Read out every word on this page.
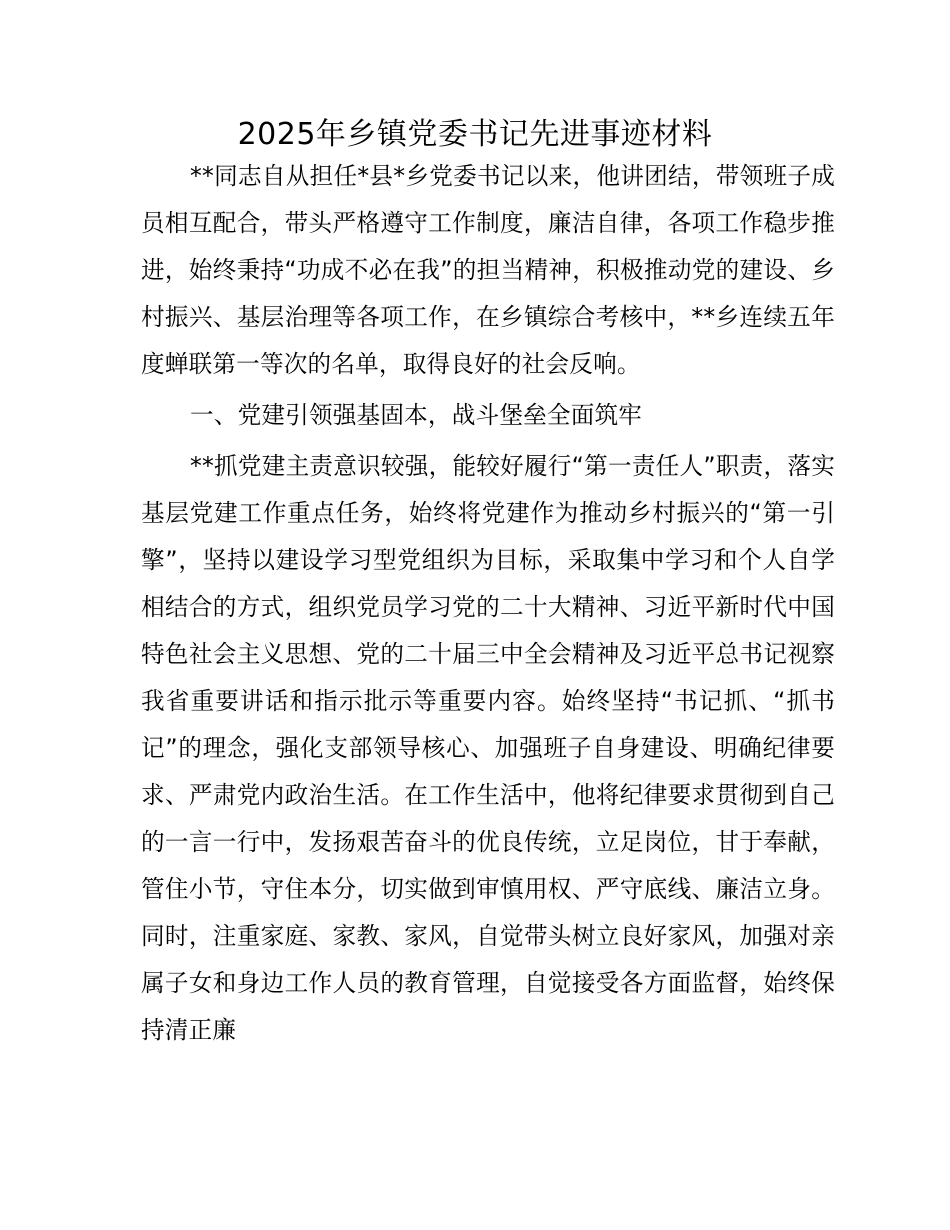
2025年乡镇党委书记先进事迹材料

**同志自从担任*县*乡党委书记以来，他讲团结，带领班子成员相互配合，带头严格遵守工作制度，廉洁自律，各项工作稳步推进，始终秉持“功成不必在我”的担当精神，积极推动党的建设、乡村振兴、基层治理等各项工作，在乡镇综合考核中，**乡连续五年度蝉联第一等次的名单，取得良好的社会反响。

一、党建引领强基固本，战斗堡垒全面筑牢

**抓党建主责意识较强，能较好履行“第一责任人”职责，落实基层党建工作重点任务，始终将党建作为推动乡村振兴的“第一引擎”，坚持以建设学习型党组织为目标，采取集中学习和个人自学相结合的方式，组织党员学习党的二十大精神、习近平新时代中国特色社会主义思想、党的二十届三中全会精神及习近平总书记视察我省重要讲话和指示批示等重要内容。始终坚持“书记抓、“抓书记”的理念，强化支部领导核心、加强班子自身建设、明确纪律要求、严肃党内政治生活。在工作生活中，他将纪律要求贯彻到自己的一言一行中，发扬艰苦奋斗的优良传统，立足岗位，甘于奉献，管住小节，守住本分，切实做到审慎用权、严守底线、廉洁立身。同时，注重家庭、家教、家风，自觉带头树立良好家风，加强对亲属子女和身边工作人员的教育管理，自觉接受各方面监督，始终保持清正廉
